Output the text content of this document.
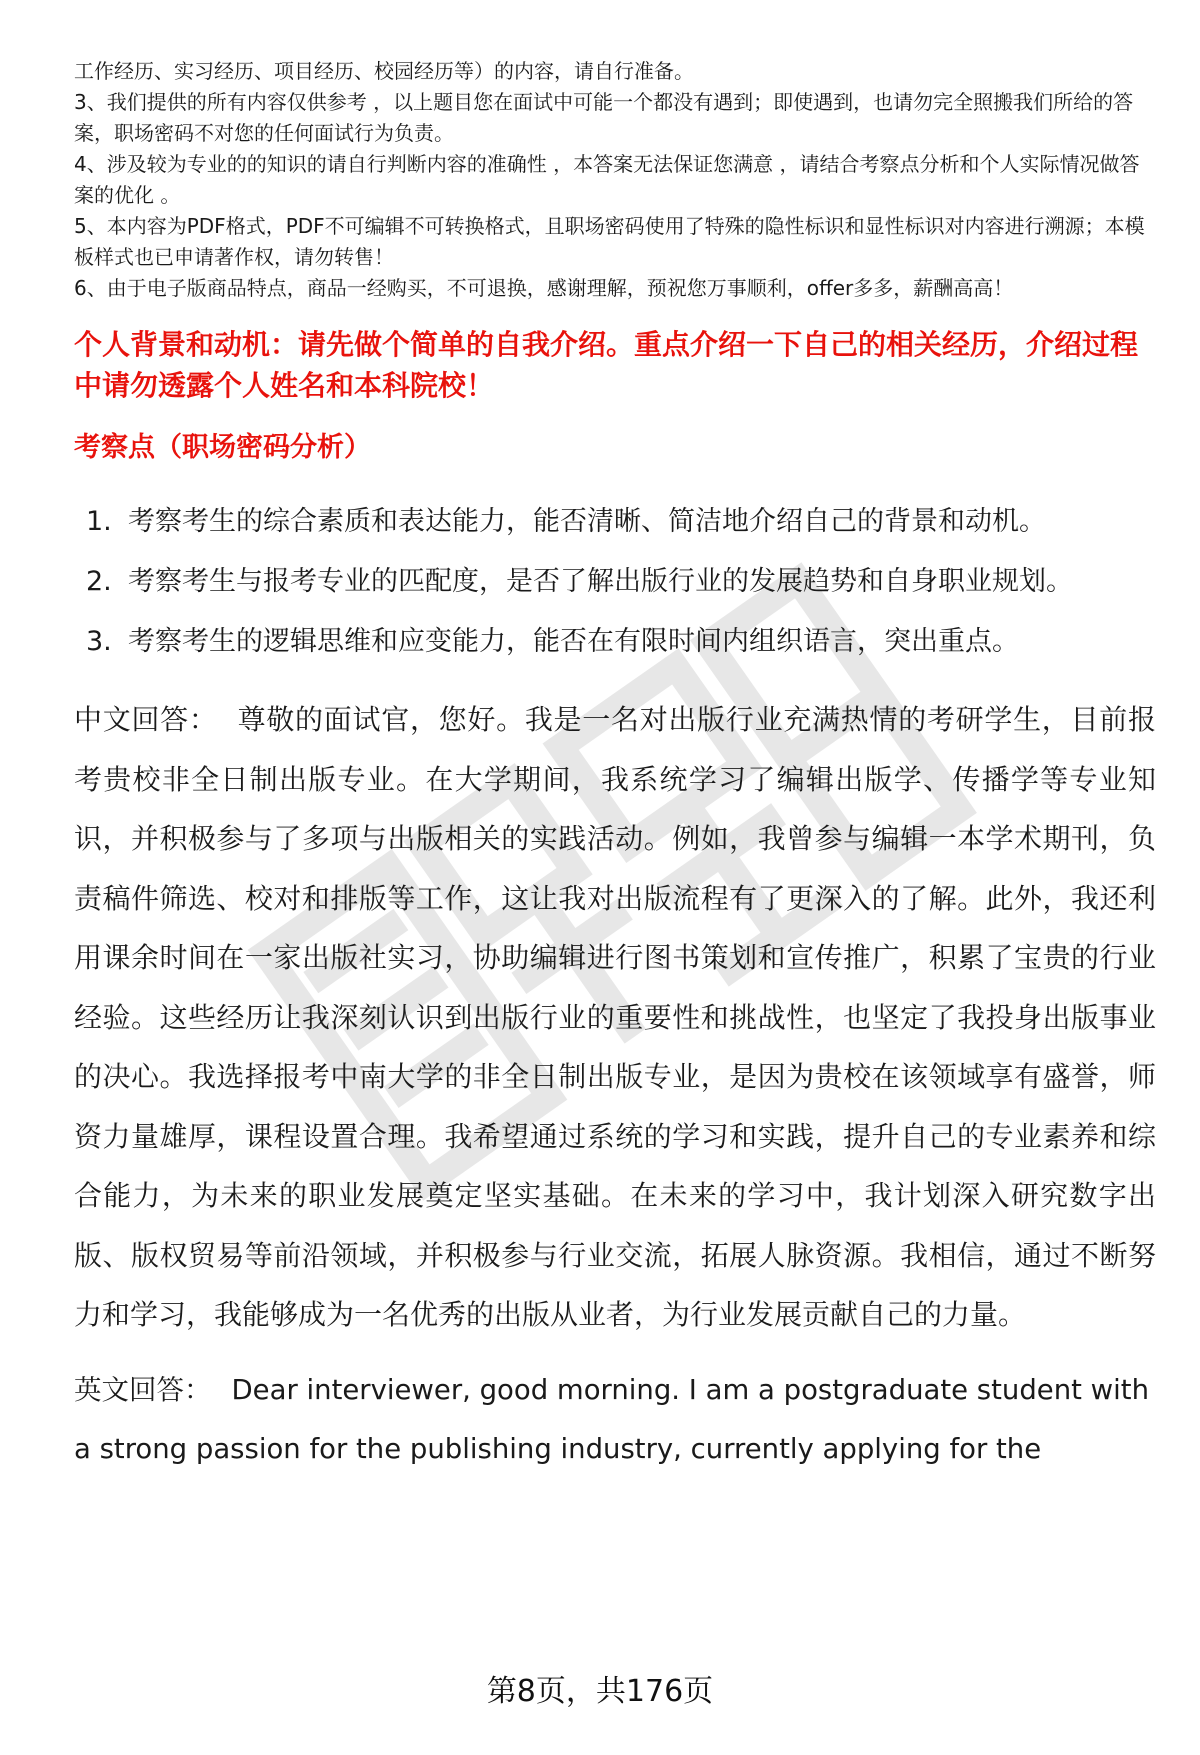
工作经历、实习经历、项目经历、校园经历等）的内容，请自行准备。

3、我们提供的所有内容仅供参考 ，以上题目您在面试中可能一个都没有遇到；即使遇到，也请勿完全照搬我们所给的答案，职场密码不对您的任何面试行为负责。

4、涉及较为专业的的知识的请自行判断内容的准确性 ，本答案无法保证您满意 ，请结合考察点分析和个人实际情况做答案的优化 。

5、本内容为PDF格式，PDF不可编辑不可转换格式，且职场密码使用了特殊的隐性标识和显性标识对内容进行溯源；本模板样式也已申请著作权，请勿转售！

6、由于电子版商品特点，商品一经购买，不可退换，感谢理解，预祝您万事顺利，offer多多，薪酬高高！

个人背景和动机：请先做个简单的自我介绍。重点介绍一下自己的相关经历，介绍过程中请勿透露个人姓名和本科院校！
考察点（职场密码分析）
1. 考察考生的综合素质和表达能力，能否清晰、简洁地介绍自己的背景和动机。
2. 考察考生与报考专业的匹配度，是否了解出版行业的发展趋势和自身职业规划。
3. 考察考生的逻辑思维和应变能力，能否在有限时间内组织语言，突出重点。

中文回答： 尊敬的面试官，您好。我是一名对出版行业充满热情的考研学生，目前报考贵校非全日制出版专业。在大学期间，我系统学习了编辑出版学、传播学等专业知识，并积极参与了多项与出版相关的实践活动。例如，我曾参与编辑一本学术期刊，负责稿件筛选、校对和排版等工作，这让我对出版流程有了更深入的了解。此外，我还利用课余时间在一家出版社实习，协助编辑进行图书策划和宣传推广，积累了宝贵的行业经验。这些经历让我深刻认识到出版行业的重要性和挑战性，也坚定了我投身出版事业的决心。我选择报考中南大学的非全日制出版专业，是因为贵校在该领域享有盛誉，师资力量雄厚，课程设置合理。我希望通过系统的学习和实践，提升自己的专业素养和综合能力，为未来的职业发展奠定坚实基础。在未来的学习中，我计划深入研究数字出版、版权贸易等前沿领域，并积极参与行业交流，拓展人脉资源。我相信，通过不断努力和学习，我能够成为一名优秀的出版从业者，为行业发展贡献自己的力量。

英文回答： Dear interviewer, good morning. I am a postgraduate student with a strong passion for the publishing industry, currently applying for the

第8页，共176页
